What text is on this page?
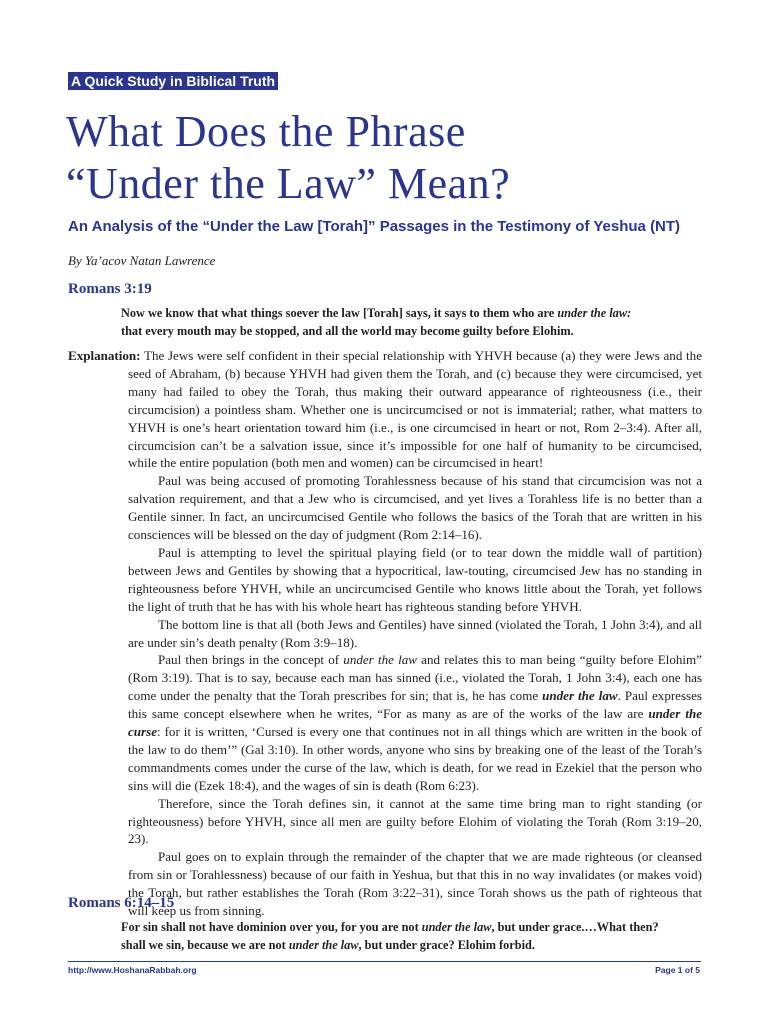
A Quick Study in Biblical Truth
What Does the Phrase
“Under the Law” Mean?
An Analysis of the “Under the Law [Torah]” Passages in the Testimony of Yeshua (NT)
By Ya’acov Natan Lawrence
Romans 3:19
Now we know that what things soever the law [Torah] says, it says to them who are under the law:
that every mouth may be stopped, and all the world may become guilty before Elohim.

Explanation: The Jews were self confident in their special relationship with YHVH because (a) they were Jews and the seed of Abraham, (b) because YHVH had given them the Torah, and (c) because they were circumcised, yet many had failed to obey the Torah, thus making their outward appearance of righteousness (i.e., their circumcision) a pointless sham. Whether one is uncircumcised or not is immaterial; rather, what matters to YHVH is one’s heart orientation toward him (i.e., is one circumcised in heart or not, Rom 2–3:4). After all, circumcision can’t be a salvation issue, since it’s impossible for one half of humanity to be circumcised, while the entire population (both men and women) can be circumcised in heart!

Paul was being accused of promoting Torahlessness because of his stand that circumcision was not a salvation requirement, and that a Jew who is circumcised, and yet lives a Torahless life is no better than a Gentile sinner. In fact, an uncircumcised Gentile who follows the basics of the Torah that are written in his consciences will be blessed on the day of judgment (Rom 2:14–16).

Paul is attempting to level the spiritual playing field (or to tear down the middle wall of partition) between Jews and Gentiles by showing that a hypocritical, law-touting, circumcised Jew has no standing in righteousness before YHVH, while an uncircumcised Gentile who knows little about the Torah, yet follows the light of truth that he has with his whole heart has righteous standing before YHVH.

The bottom line is that all (both Jews and Gentiles) have sinned (violated the Torah, 1 John 3:4), and all are under sin’s death penalty (Rom 3:9–18).

Paul then brings in the concept of under the law and relates this to man being “guilty before Elohim” (Rom 3:19). That is to say, because each man has sinned (i.e., violated the Torah, 1 John 3:4), each one has come under the penalty that the Torah prescribes for sin; that is, he has come under the law. Paul expresses this same concept elsewhere when he writes, “For as many as are of the works of the law are under the curse: for it is written, ‘Cursed is every one that continues not in all things which are written in the book of the law to do them’” (Gal 3:10). In other words, anyone who sins by breaking one of the least of the Torah’s commandments comes under the curse of the law, which is death, for we read in Ezekiel that the person who sins will die (Ezek 18:4), and the wages of sin is death (Rom 6:23).

Therefore, since the Torah defines sin, it cannot at the same time bring man to right standing (or righteousness) before YHVH, since all men are guilty before Elohim of violating the Torah (Rom 3:19–20, 23).

Paul goes on to explain through the remainder of the chapter that we are made righteous (or cleansed from sin or Torahlessness) because of our faith in Yeshua, but that this in no way invalidates (or makes void) the Torah, but rather establishes the Torah (Rom 3:22–31), since Torah shows us the path of righteous that will keep us from sinning.

Romans 6:14–15
For sin shall not have dominion over you, for you are not under the law, but under grace.…What then? shall we sin, because we are not under the law, but under grace? Elohim forbid.
http://www.HoshanaRabbah.org	Page 1 of 5
